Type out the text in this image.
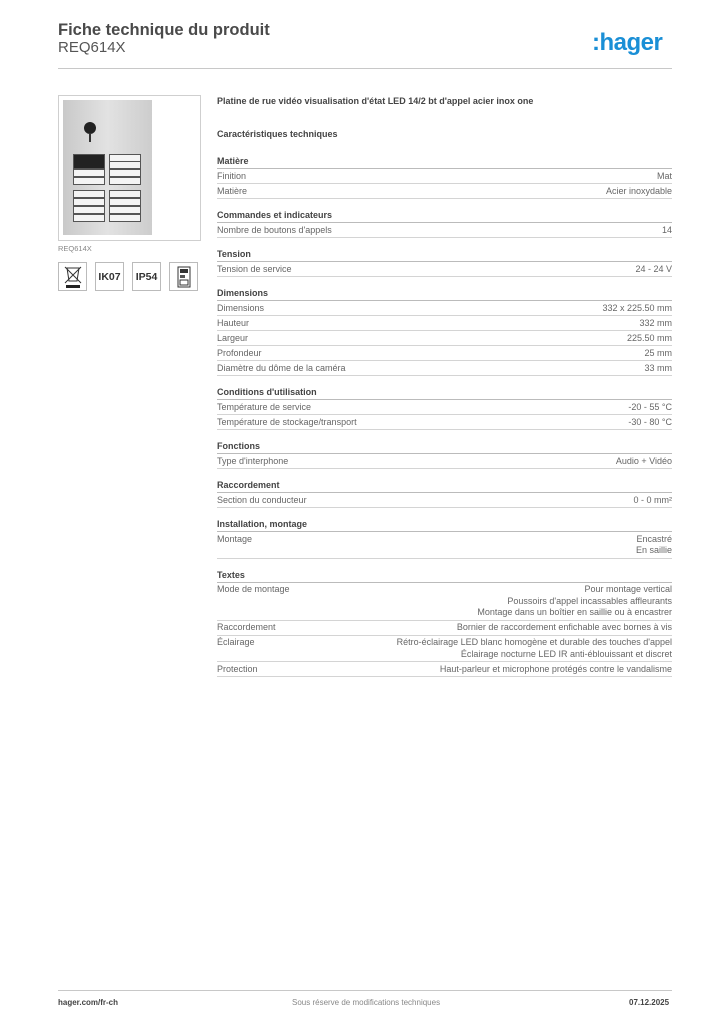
Fiche technique du produit
REQ614X	:hager
REQ614X
IK07	IP54
Platine de rue vidéo visualisation d'état LED 14/2 bt d'appel acier inox one
Caractéristiques techniques
Matière
Finition	Mat
Matière	Acier inoxydable
Commandes et indicateurs
Nombre de boutons d'appels	14
Tension
Tension de service	24 - 24 V
Dimensions
Dimensions	332 x 225.50 mm
Hauteur	332 mm
Largeur	225.50 mm
Profondeur	25 mm
Diamètre du dôme de la caméra	33 mm
Conditions d'utilisation
Température de service	-20 - 55 °C
Température de stockage/transport	-30 - 80 °C
Fonctions
Type d'interphone	Audio + Vidéo
Raccordement
Section du conducteur	0 - 0 mm²
Installation, montage
Montage	Encastré
En saillie
Textes
Mode de montage	Pour montage vertical
Poussoirs d'appel incassables affleurants
Montage dans un boîtier en saillie ou à encastrer
Raccordement	Bornier de raccordement enfichable avec bornes à vis
Éclairage	Rétro-éclairage LED blanc homogène et durable des touches d'appel
Éclairage nocturne LED IR anti-éblouissant et discret
Protection	Haut-parleur et microphone protégés contre le vandalisme
hager.com/fr-ch	Sous réserve de modifications techniques	07.12.2025
